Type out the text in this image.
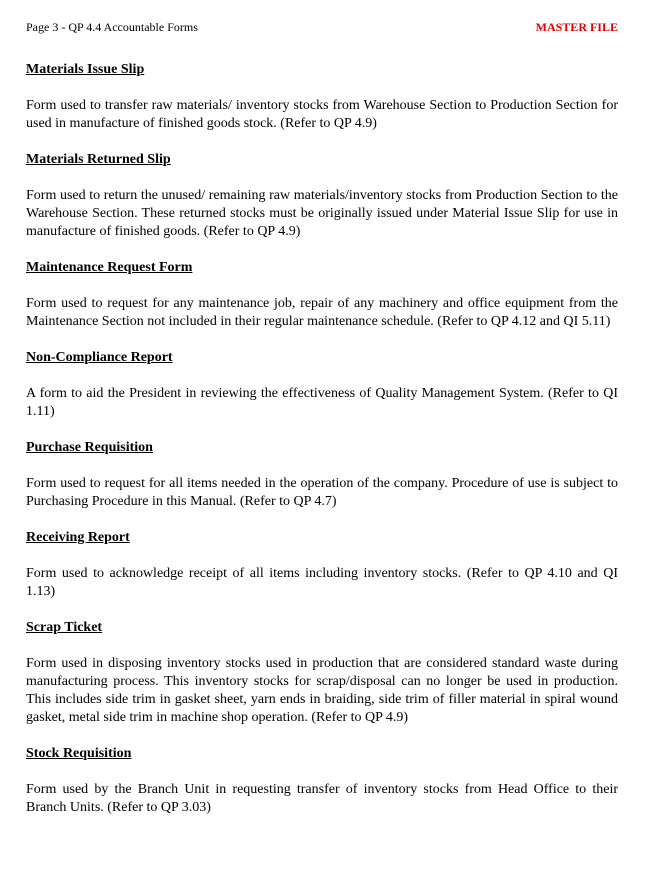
Page 3 - QP 4.4 Accountable Forms	MASTER FILE
Materials Issue Slip
Form used to transfer raw materials/ inventory stocks from Warehouse Section to Production Section for used in manufacture of finished goods stock. (Refer to QP 4.9)
Materials Returned Slip
Form used to return the unused/ remaining raw materials/inventory stocks from Production Section to the Warehouse Section. These returned stocks must be originally issued under Material Issue Slip for use in manufacture of finished goods. (Refer to QP 4.9)
Maintenance Request Form
Form used to request for any maintenance job, repair of any machinery and office equipment from the Maintenance Section not included in their regular maintenance schedule. (Refer to QP 4.12 and QI 5.11)
Non-Compliance Report
A form to aid the President in reviewing the effectiveness of Quality Management System. (Refer to QI 1.11)
Purchase Requisition
Form used to request for all items needed in the operation of the company. Procedure of use is subject to Purchasing Procedure in this Manual. (Refer to QP 4.7)
Receiving Report
Form used to acknowledge receipt of all items including inventory stocks. (Refer to QP 4.10 and QI 1.13)
Scrap Ticket
Form used in disposing inventory stocks used in production that are considered standard waste during manufacturing process. This inventory stocks for scrap/disposal can no longer be used in production. This includes side trim in gasket sheet, yarn ends in braiding, side trim of filler material in spiral wound gasket, metal side trim in machine shop operation. (Refer to QP 4.9)
Stock Requisition
Form used by the Branch Unit in requesting transfer of inventory stocks from Head Office to their Branch Units. (Refer to QP 3.03)
